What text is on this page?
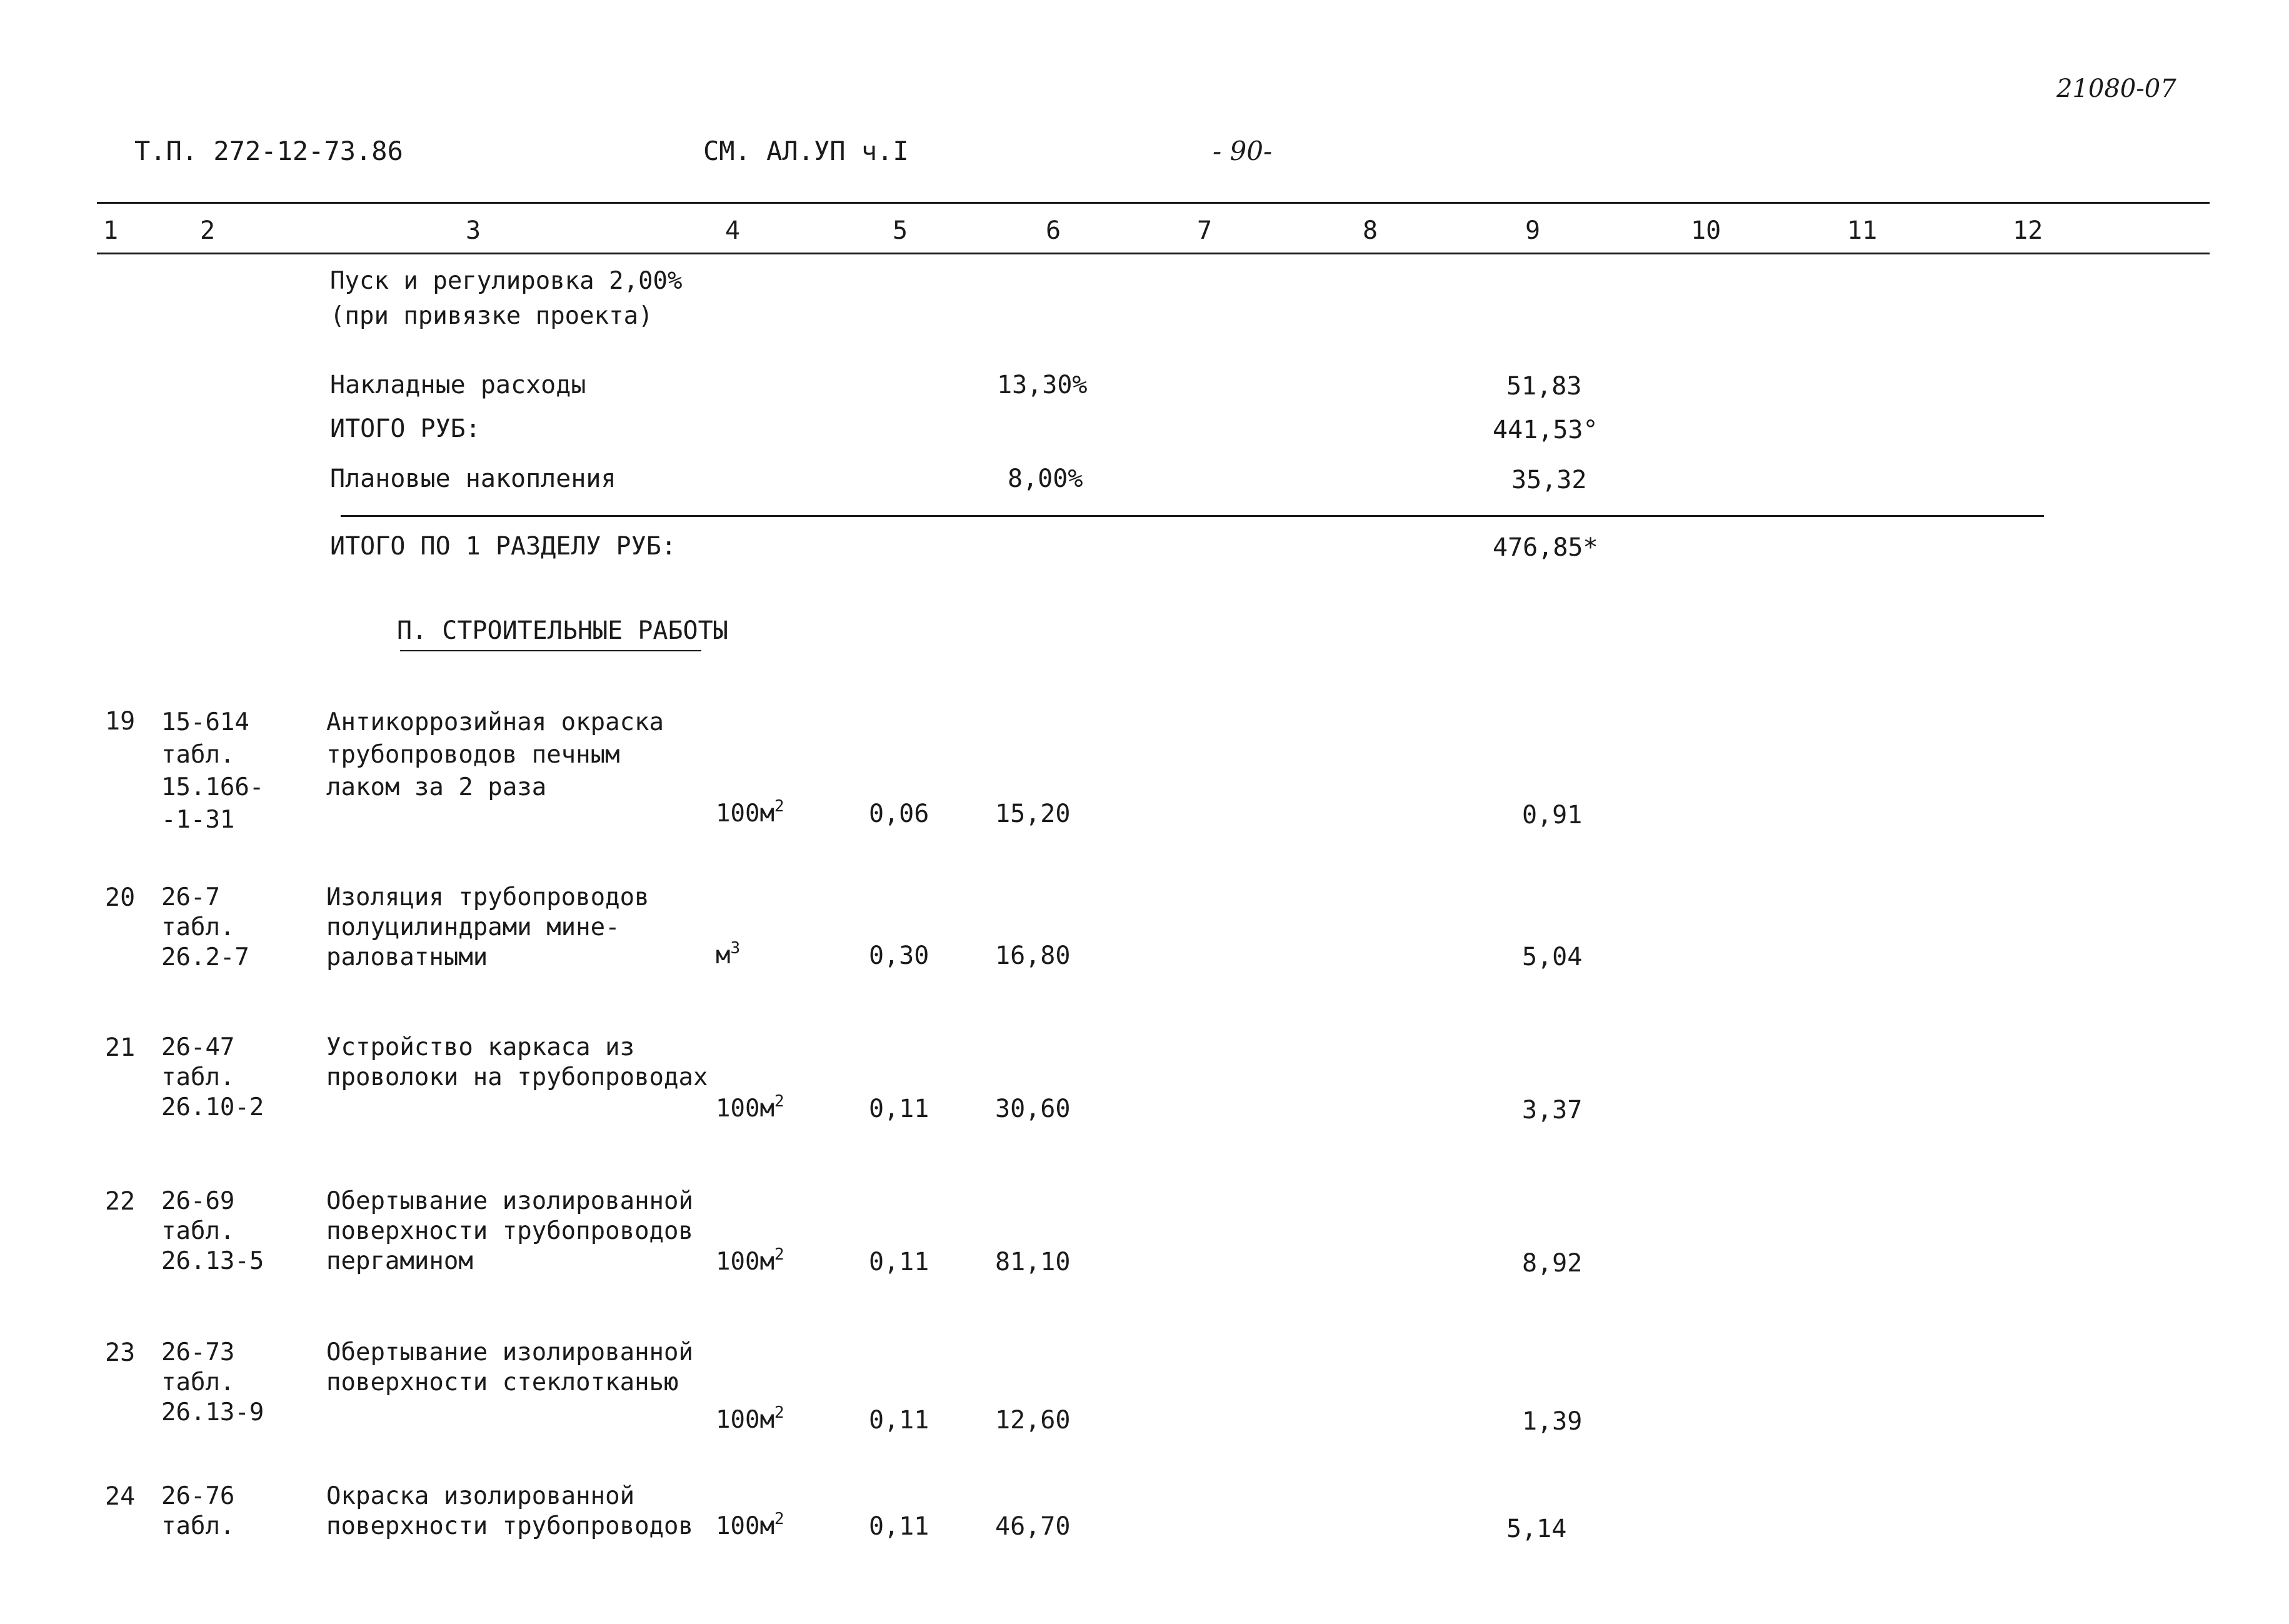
21080-07
Т.П. 272-12-73.86	СМ. АЛ.УП ч.I	- 90-
1	2	3	4	5	6	7	8	9	10	11	12
Пуск и регулировка 2,00%
(при привязке проекта)
Накладные расходы	13,30%	51,83
ИТОГО РУБ:	441,53°
Плановые накопления	8,00%	35,32
ИТОГО ПО 1 РАЗДЕЛУ РУБ:	476,85*
П. СТРОИТЕЛЬНЫЕ РАБОТЫ
19 15-614
табл.
15.166-
-1-31
Антикоррозийная окраска
трубопроводов печным
лаком за 2 раза
$100м^2$	0,06	15,20	0,91
20 26-7
табл.
26.2-7
Изоляция трубопроводов
полуцилиндрами мине-
раловатными	$м^3$	0,30	16,80	5,04
21 26-47
табл.
26.10-2
Устройство каркаса из
проволоки на трубопроводах
$100м^2$	0,11	30,60	3,37
22 26-69
табл.
26.13-5
Обертывание изолированной
поверхности трубопроводов
пергамином	$100м^2$	0,11	81,10	8,92
23 26-73
табл.
26.13-9
Обертывание изолированной
поверхности стеклотканью
$100м^2$	0,11	12,60	1,39
24 26-76
табл.
Окраска изолированной
поверхности трубопроводов $100м^2$	0,11	46,70	5,14
